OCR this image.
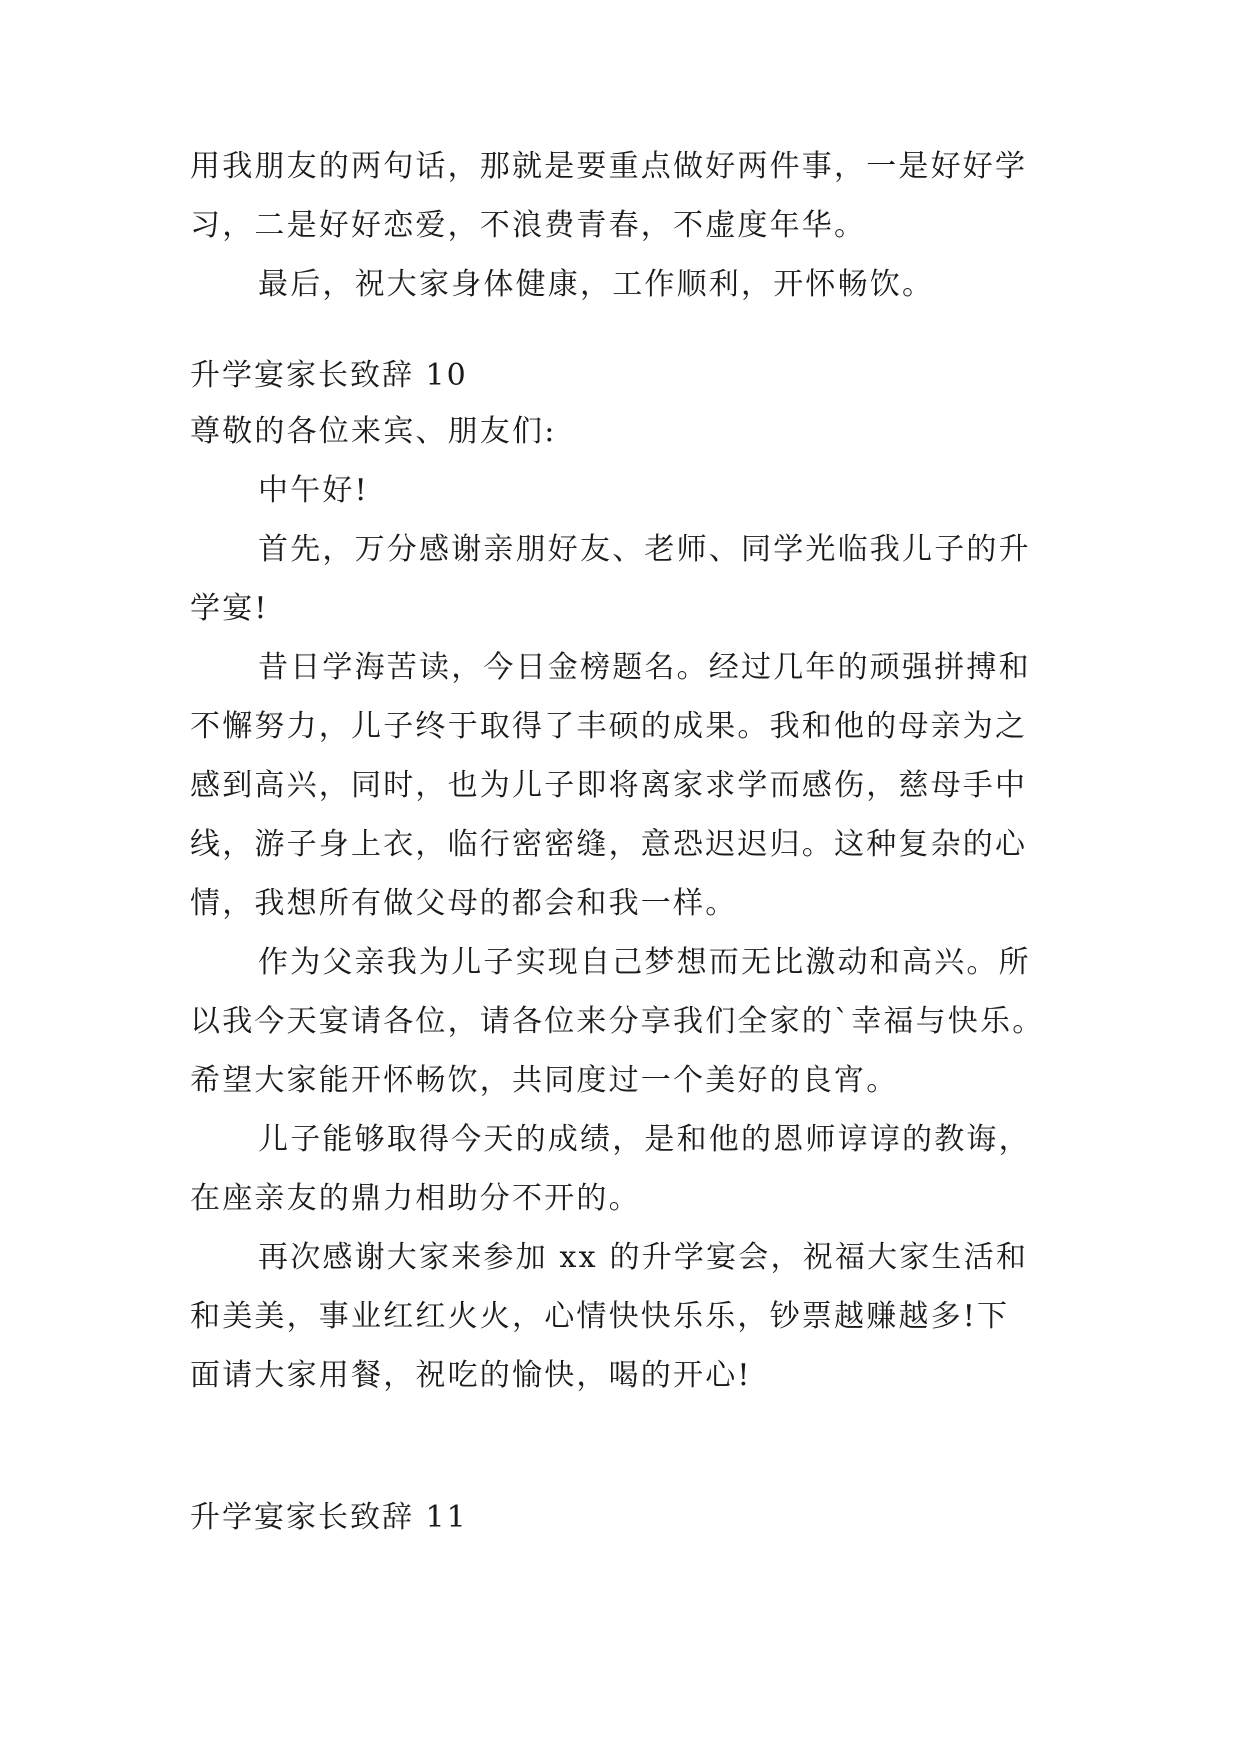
用我朋友的两句话，那就是要重点做好两件事，一是好好学
习，二是好好恋爱，不浪费青春，不虚度年华。
最后，祝大家身体健康，工作顺利，开怀畅饮。
升学宴家长致辞 10
尊敬的各位来宾、朋友们:
中午好!
首先，万分感谢亲朋好友、老师、同学光临我儿子的升
学宴!
昔日学海苦读，今日金榜题名。经过几年的顽强拼搏和
不懈努力，儿子终于取得了丰硕的成果。我和他的母亲为之
感到高兴，同时，也为儿子即将离家求学而感伤，慈母手中
线，游子身上衣，临行密密缝，意恐迟迟归。这种复杂的心
情，我想所有做父母的都会和我一样。
作为父亲我为儿子实现自己梦想而无比激动和高兴。所
以我今天宴请各位，请各位来分享我们全家的`幸福与快乐。
希望大家能开怀畅饮，共同度过一个美好的良宵。
儿子能够取得今天的成绩，是和他的恩师谆谆的教诲，
在座亲友的鼎力相助分不开的。
再次感谢大家来参加 xx 的升学宴会，祝福大家生活和
和美美，事业红红火火，心情快快乐乐，钞票越赚越多!下
面请大家用餐，祝吃的愉快，喝的开心!
升学宴家长致辞 11
